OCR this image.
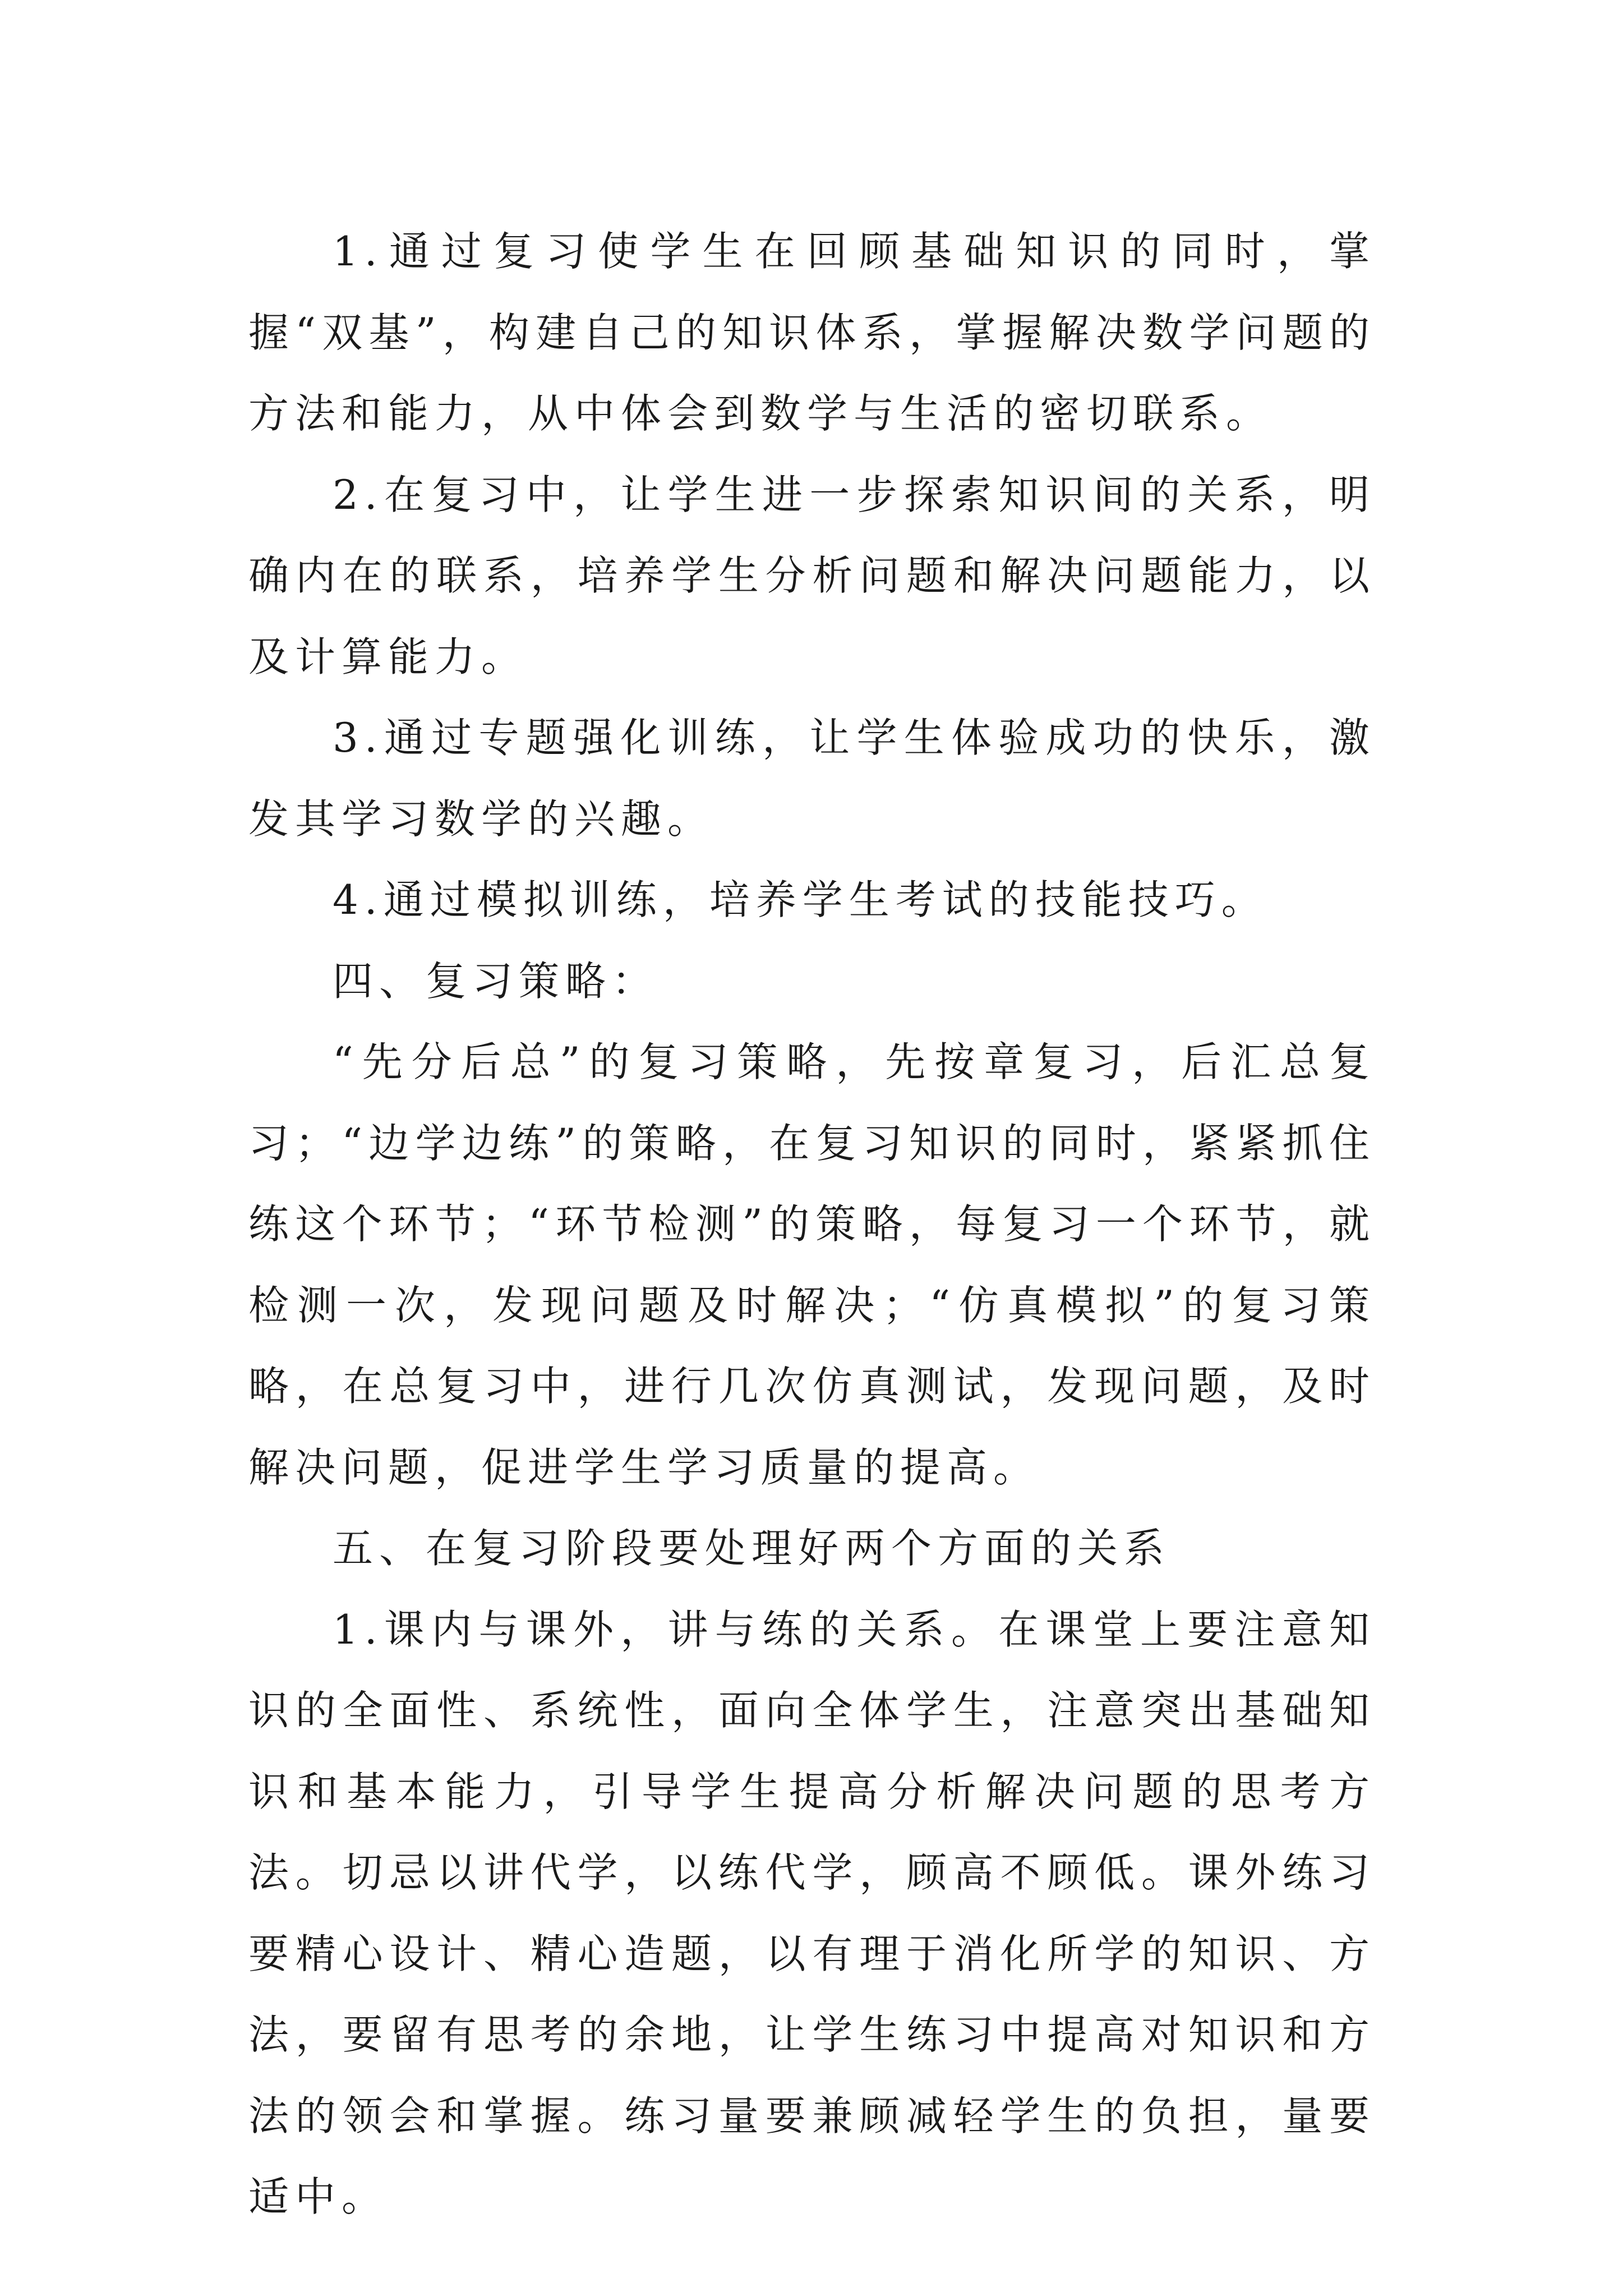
1.通过复习使学生在回顾基础知识的同时，掌握“双基”，构建自己的知识体系，掌握解决数学问题的方法和能力，从中体会到数学与生活的密切联系。

2.在复习中，让学生进一步探索知识间的关系，明确内在的联系，培养学生分析问题和解决问题能力，以及计算能力。

3.通过专题强化训练，让学生体验成功的快乐，激发其学习数学的兴趣。

4.通过模拟训练，培养学生考试的技能技巧。

四、复习策略：

“先分后总”的复习策略，先按章复习，后汇总复习；“边学边练”的策略，在复习知识的同时，紧紧抓住练这个环节；“环节检测”的策略，每复习一个环节，就检测一次，发现问题及时解决；“仿真模拟”的复习策略，在总复习中，进行几次仿真测试，发现问题，及时解决问题，促进学生学习质量的提高。

五、在复习阶段要处理好两个方面的关系

1.课内与课外，讲与练的关系。在课堂上要注意知识的全面性、系统性，面向全体学生，注意突出基础知识和基本能力，引导学生提高分析解决问题的思考方法。切忌以讲代学，以练代学，顾高不顾低。课外练习要精心设计、精心造题，以有理于消化所学的知识、方法，要留有思考的余地，让学生练习中提高对知识和方法的领会和掌握。练习量要兼顾减轻学生的负担，量要适中。
